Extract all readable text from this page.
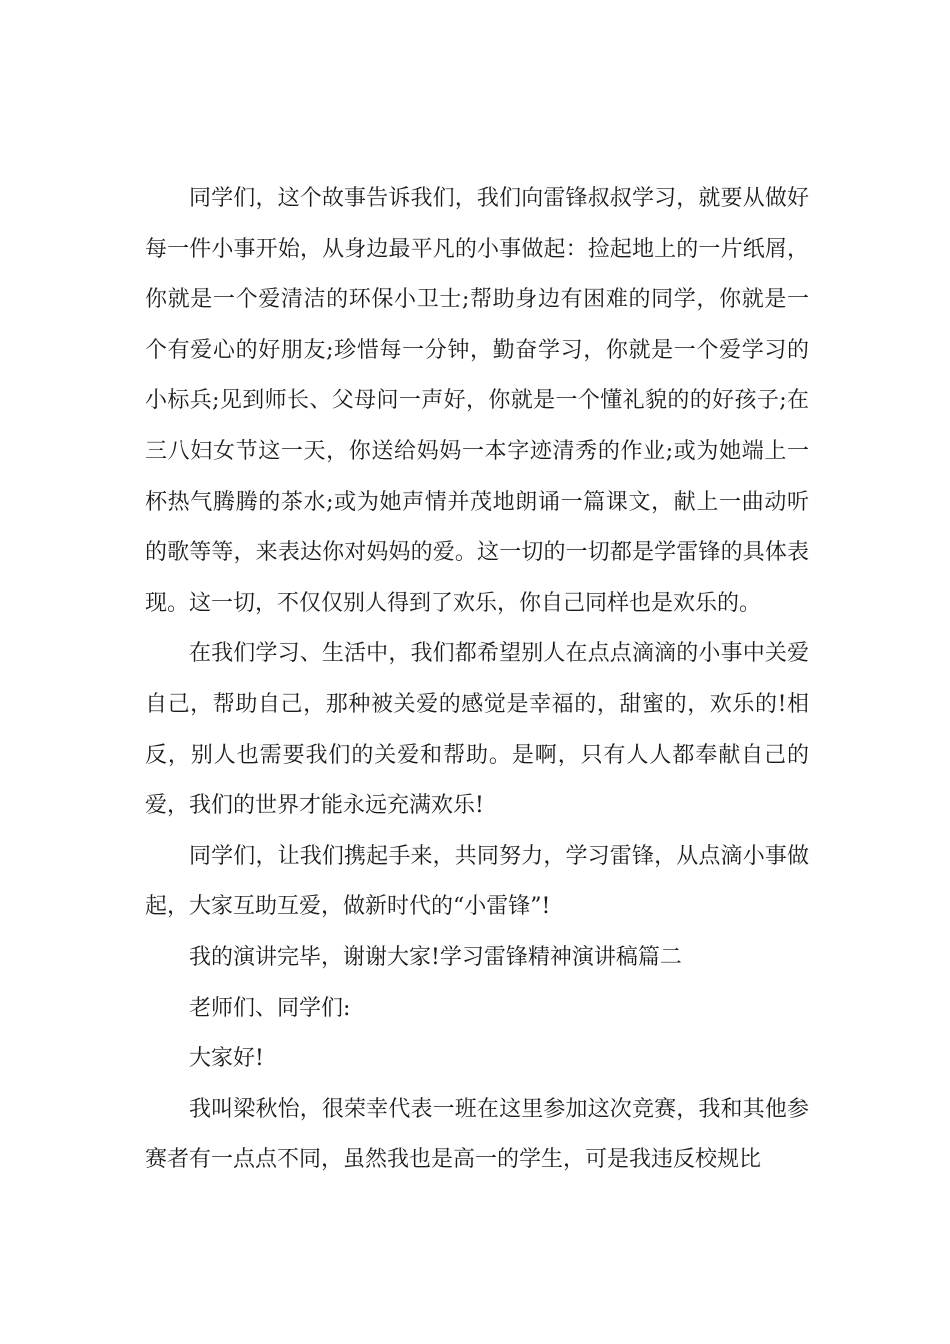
同学们，这个故事告诉我们，我们向雷锋叔叔学习，就要从做好每一件小事开始，从身边最平凡的小事做起：捡起地上的一片纸屑，你就是一个爱清洁的环保小卫士;帮助身边有困难的同学，你就是一个有爱心的好朋友;珍惜每一分钟，勤奋学习，你就是一个爱学习的小标兵;见到师长、父母问一声好，你就是一个懂礼貌的的好孩子;在三八妇女节这一天，你送给妈妈一本字迹清秀的作业;或为她端上一杯热气腾腾的茶水;或为她声情并茂地朗诵一篇课文，献上一曲动听的歌等等，来表达你对妈妈的爱。这一切的一切都是学雷锋的具体表现。这一切，不仅仅别人得到了欢乐，你自己同样也是欢乐的。

在我们学习、生活中，我们都希望别人在点点滴滴的小事中关爱自己，帮助自己，那种被关爱的感觉是幸福的，甜蜜的，欢乐的!相反，别人也需要我们的关爱和帮助。是啊，只有人人都奉献自己的爱，我们的世界才能永远充满欢乐!

同学们，让我们携起手来，共同努力，学习雷锋，从点滴小事做起，大家互助互爱，做新时代的“小雷锋”!

我的演讲完毕，谢谢大家!学习雷锋精神演讲稿篇二

老师们、同学们:

大家好!

我叫梁秋怡，很荣幸代表一班在这里参加这次竞赛，我和其他参赛者有一点点不同，虽然我也是高一的学生，可是我违反校规比
